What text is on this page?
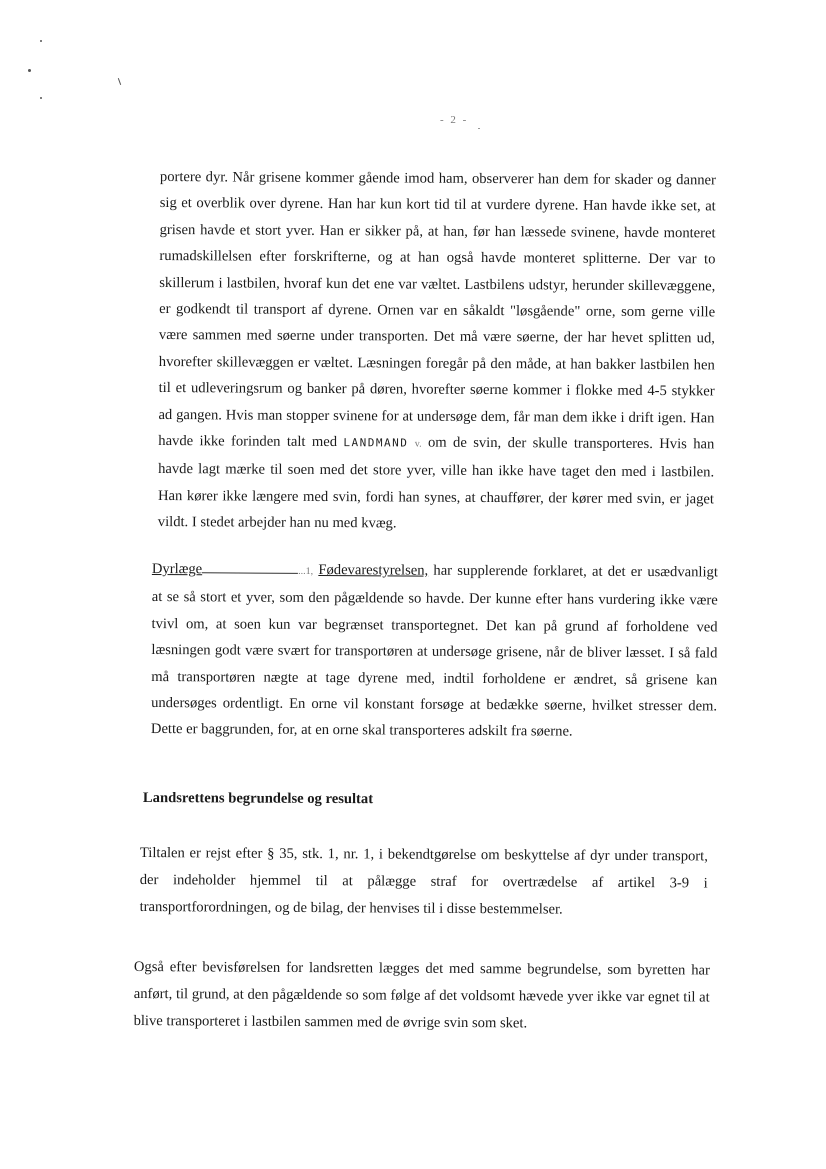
- 2 -

portere dyr. Når grisene kommer gående imod ham, observerer han dem for skader og danner sig et overblik over dyrene. Han har kun kort tid til at vurdere dyrene. Han havde ikke set, at grisen havde et stort yver. Han er sikker på, at han, før han læssede svinene, havde monteret rumadskillelsen efter forskrifterne, og at han også havde monteret splitterne. Der var to skillerum i lastbilen, hvoraf kun det ene var væltet. Lastbilens udstyr, herunder skillevæggene, er godkendt til transport af dyrene. Ornen var en såkaldt "løsgående" orne, som gerne ville være sammen med søerne under transporten. Det må være søerne, der har hevet splitten ud, hvorefter skillevæggen er væltet. Læsningen foregår på den måde, at han bakker lastbilen hen til et udleveringsrum og banker på døren, hvorefter søerne kommer i flokke med 4-5 stykker ad gangen. Hvis man stopper svinene for at undersøge dem, får man dem ikke i drift igen. Han havde ikke forinden talt med LANDMAND v. om de svin, der skulle transporteres. Hvis han havde lagt mærke til soen med det store yver, ville han ikke have taget den med i lastbilen. Han kører ikke længere med svin, fordi han synes, at chauffører, der kører med svin, er jaget vildt. I stedet arbejder han nu med kvæg.

Dyrlæge	...1, Fødevarestyrelsen, har supplerende forklaret, at det er usædvanligt at se så stort et yver, som den pågældende so havde. Der kunne efter hans vurdering ikke være tvivl om, at soen kun var begrænset transportegnet. Det kan på grund af forholdene ved læsningen godt være svært for transportøren at undersøge grisene, når de bliver læsset. I så fald må transportøren nægte at tage dyrene med, indtil forholdene er ændret, så grisene kan undersøges ordentligt. En orne vil konstant forsøge at bedække søerne, hvilket stresser dem. Dette er baggrunden, for, at en orne skal transporteres adskilt fra søerne.

Landsrettens begrundelse og resultat

Tiltalen er rejst efter § 35, stk. 1, nr. 1, i bekendtgørelse om beskyttelse af dyr under transport, der indeholder hjemmel til at pålægge straf for overtrædelse af artikel 3-9 i transportforordningen, og de bilag, der henvises til i disse bestemmelser.

Også efter bevisførelsen for landsretten lægges det med samme begrundelse, som byretten har anført, til grund, at den pågældende so som følge af det voldsomt hævede yver ikke var egnet til at blive transporteret i lastbilen sammen med de øvrige svin som sket.
